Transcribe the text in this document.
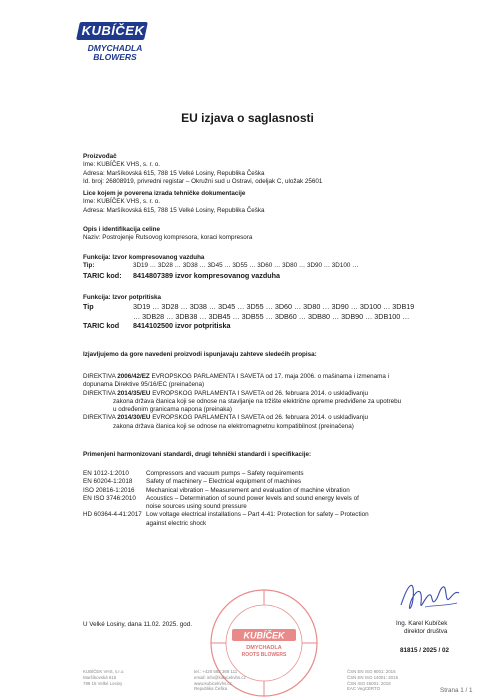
KUBÍČEK
DMYCHADLA
BLOWERS
EU izjava o saglasnosti
Proizvođač
Ime: KUBÍČEK VHS, s. r. o.
Adresa: Maršíkovská 615, 788 15 Velké Losiny, Republika Češka
Id. broj: 26808919, privredni registar – Okružni sud u Ostravi, odeljak C, uložak 25601
Lice kojem je poverena izrada tehničke dokumentacije
Ime: KUBÍČEK VHS, s. r. o.
Adresa: Maršíkovská 615, 788 15 Velké Losiny, Republika Češka
Opis i identifikacija celine
Naziv: Postrojenje Rutsovog kompresora, koraci kompresora
Funkcija: Izvor kompresovanog vazduha
Tip:	3D19 … 3D28 … 3D38 … 3D45 … 3D55 … 3D60 … 3D80 … 3D90 … 3D100 …
TARIC kod:	8414807389 izvor kompresovanog vazduha
Funkcija: Izvor potpritiska
Tip	3D19 … 3D28 … 3D38 … 3D45 … 3D55 … 3D60 … 3D80 … 3D90 … 3D100 … 3DB19
… 3DB28 … 3DB38 … 3DB45 … 3DB55 … 3DB60 … 3DB80 … 3DB90 … 3DB100 …
TARIC kod	8414102500 izvor potpritiska
Izjavljujemo da gore navedeni proizvodi ispunjavaju zahteve sledećih propisa:
DIREKTIVA 2006/42/EZ EVROPSKOG PARLAMENTA I SAVETA od 17. maja 2006. o mašinama i izmenama i
dopunama Direktive 95/16/EC (preinačena)
DIREKTIVA 2014/35/EU EVROPSKOG PARLAMENTA I SAVETA od 26. februara 2014. o usklađivanju
zakona država članica koji se odnose na stavljanje na tržište električne opreme predviđene za upotrebu
u određenim granicama napona (preinaka)
DIREKTIVA 2014/30/EU EVROPSKOG PARLAMENTA I SAVETA od 26. februara 2014. o usklađivanju
zakona država članica koji se odnose na elektromagnetnu kompatibilnost (preinačena)
Primenjeni harmonizovani standardi, drugi tehnički standardi i specifikacije:
EN 1012-1:2010	Compressors and vacuum pumps – Safety requirements
EN 60204-1:2018	Safety of machinery – Electrical equipment of machines
ISO 20816-1:2016	Mechanical vibration – Measurement and evaluation of machine vibration
EN ISO 3746:2010	Acoustics – Determination of sound power levels and sound energy levels of
noise sources using sound pressure
HD 60364-4-41:2017 Low voltage electrical installations – Part 4-41: Protection for safety – Protection
against electric shock
KUBÍČEK
DMYCHADLA
ROOTS BLOWERS
U Velké Losiny, dana 11.02. 2025. god.	Ing. Karel Kubíček
direktor društva
81815 / 2025 / 02
KUBÍČEK VHS, s.r.o.
Maršíkovská 615
788 15 Velké Losiny
tel.: +420 583 368 111
email: info@kubicekvhs.cz
www.kubicekvhs.cz
Republika Češka
ČSN EN ISO 9001: 2016
ČSN EN ISO 14001: 2016
ČSN ISO 45001: 2018
EAC VegCERTO	Strana 1 / 1
